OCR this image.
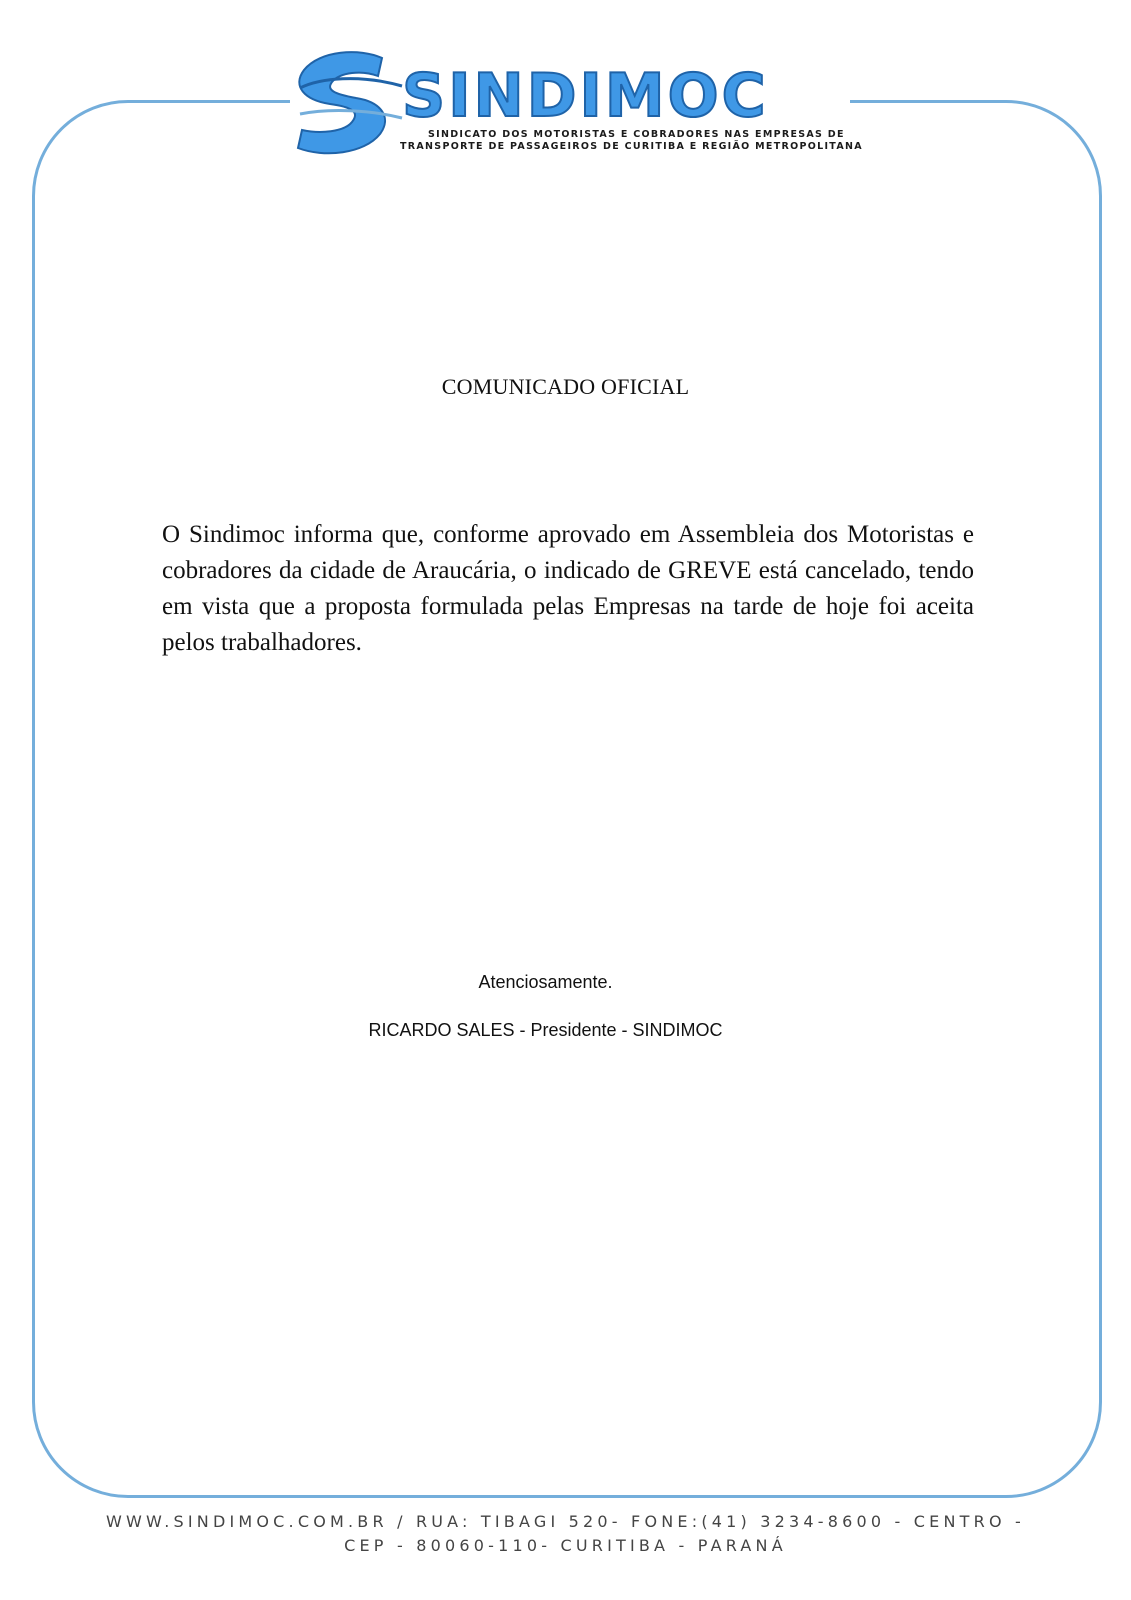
SINDIMOC
SINDICATO DOS MOTORISTAS E COBRADORES NAS EMPRESAS DE
TRANSPORTE DE PASSAGEIROS DE CURITIBA E REGIÃO METROPOLITANA
COMUNICADO OFICIAL
O Sindimoc informa que, conforme aprovado em Assembleia dos Motoristas e cobradores da cidade de Araucária, o indicado de GREVE está cancelado, tendo em vista que a proposta formulada pelas Empresas na tarde de hoje foi aceita pelos trabalhadores.
Atenciosamente.
RICARDO SALES - Presidente - SINDIMOC
WWW.SINDIMOC.COM.BR / RUA: TIBAGI 520- FONE:(41) 3234-8600 - CENTRO -
CEP - 80060-110- CURITIBA - PARANÁ
